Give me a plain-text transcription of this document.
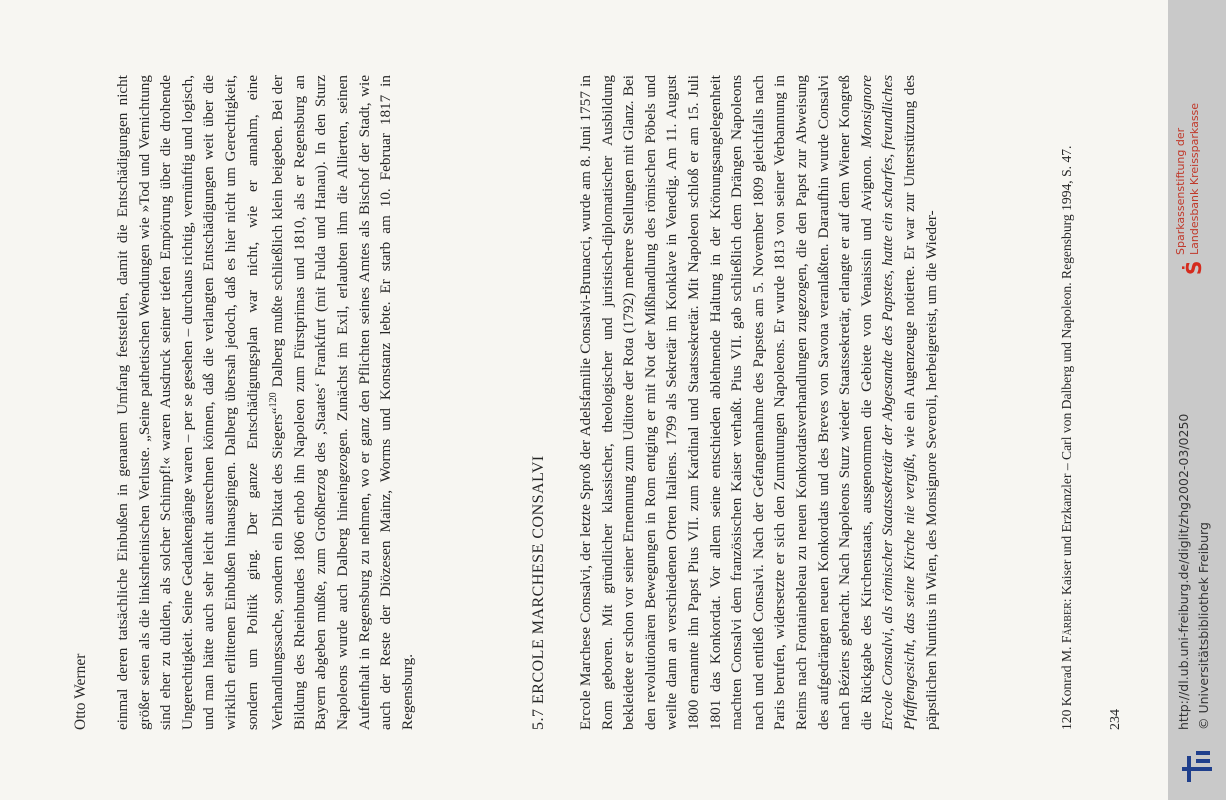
Otto Werner einmal deren tatsächliche Einbußen in genauem Umfang feststellen, damit die Entschädigungen nicht größer seien als die linksrheinischen Verluste. „Seine pathetischen Wendungen wie »Tod und Vernichtung sind eher zu dulden, als solcher Schimpf!« waren Ausdruck seiner tiefen Empörung über die drohende Ungerechtigkeit. Seine Gedankengänge waren – per se gesehen – durchaus richtig, vernünftig und logisch, und man hätte auch sehr leicht ausrechnen können, daß die verlangten Entschädigungen weit über die wirklich erlittenen Einbußen hinausgingen. Dalberg übersah jedoch, daß es hier nicht um Gerechtigkeit, sondern um Politik ging. Der ganze Entschädigungsplan war nicht, wie er annahm, eine Verhandlungssache, sondern ein Diktat des Siegers“$^{120}$ Dalberg mußte schließlich klein beigeben. Bei der Bildung des Rheinbundes 1806 erhob ihn Napoleon zum Fürstprimas und 1810, als er Regensburg an Bayern abgeben mußte, zum Großherzog des ‚Staates‘ Frankfurt (mit Fulda und Hanau). In den Sturz Napoleons wurde auch Dalberg hineingezogen. Zunächst im Exil, erlaubten ihm die Allierten, seinen Aufenthalt in Regensburg zu nehmen, wo er ganz den Pflichten seines Amtes als Bischof der Stadt, wie auch der Reste der Diözesen Mainz, Worms und Konstanz lebte. Er starb am 10. Februar 1817 in Regensburg.	5.7 ERCOLE MARCHESE CONSALVI Ercole Marchese Consalvi, der letzte Sproß der Adelsfamilie Consalvi-Brunacci, wurde am 8. Juni 1757 in Rom geboren. Mit gründlicher klassischer, theologischer und juristisch-diplomatischer Ausbildung bekleidete er schon vor seiner Ernennung zum Uditore der Rota (1792) mehrere Stellungen mit Glanz. Bei den revolutionären Bewegungen in Rom entging er mit Not der Mißhandlung des römischen Pöbels und weilte dann an verschiedenen Orten Italiens. 1799 als Sekretär im Konklave in Venedig. Am 11. August 1800 ernannte ihn Papst Pius VII. zum Kardinal und Staatssekretär. Mit Napoleon schloß er am 15. Juli 1801 das Konkordat. Vor allem seine entschieden ablehnende Haltung in der Krönungsangelegenheit machten Consalvi dem französischen Kaiser verhaßt. Pius VII. gab schließlich dem Drängen Napoleons nach und entließ Consalvi. Nach der Gefangennahme des Papstes am 5. November 1809 gleichfalls nach Paris berufen, widersetzte er sich den Zumutungen Napoleons. Er wurde 1813 von seiner Verbannung in Reims nach Fontainebleau zu neuen Konkordatsverhandlungen zugezogen, die den Papst zur Abweisung des aufgedrängten neuen Konkordats und des Breves von Savona veranlaßten. Daraufhin wurde Consalvi nach Béziers gebracht. Nach Napoleons Sturz wieder Staatssekretär, erlangte er auf dem Wiener Kongreß die Rückgabe des Kirchenstaats, ausgenommen die Gebiete von Venaissin und Avignon. Monsignore Ercole Consalvi, als römischer Staatssekretär der Abgesandte des Papstes, hatte ein scharfes, freundliches Pfaffengesicht, das seine Kirche nie vergißt, wie ein Augenzeuge notierte. Er war zur Unterstützung des päpstlichen Nuntius in Wien, des Monsignore Severoli, herbeigereist, um die Wieder-	120 Konrad M. Färber: Kaiser und Erzkanzler – Carl von Dalberg und Napoleon. Regensburg 1994, S. 47.
234	http://dl.ub.uni-freiburg.de/diglit/zhg2002-03/0250 © Universitätsbibliothek Freiburg
Ṡ
Sparkassenstiftung der Landesbank Kreissparkasse
